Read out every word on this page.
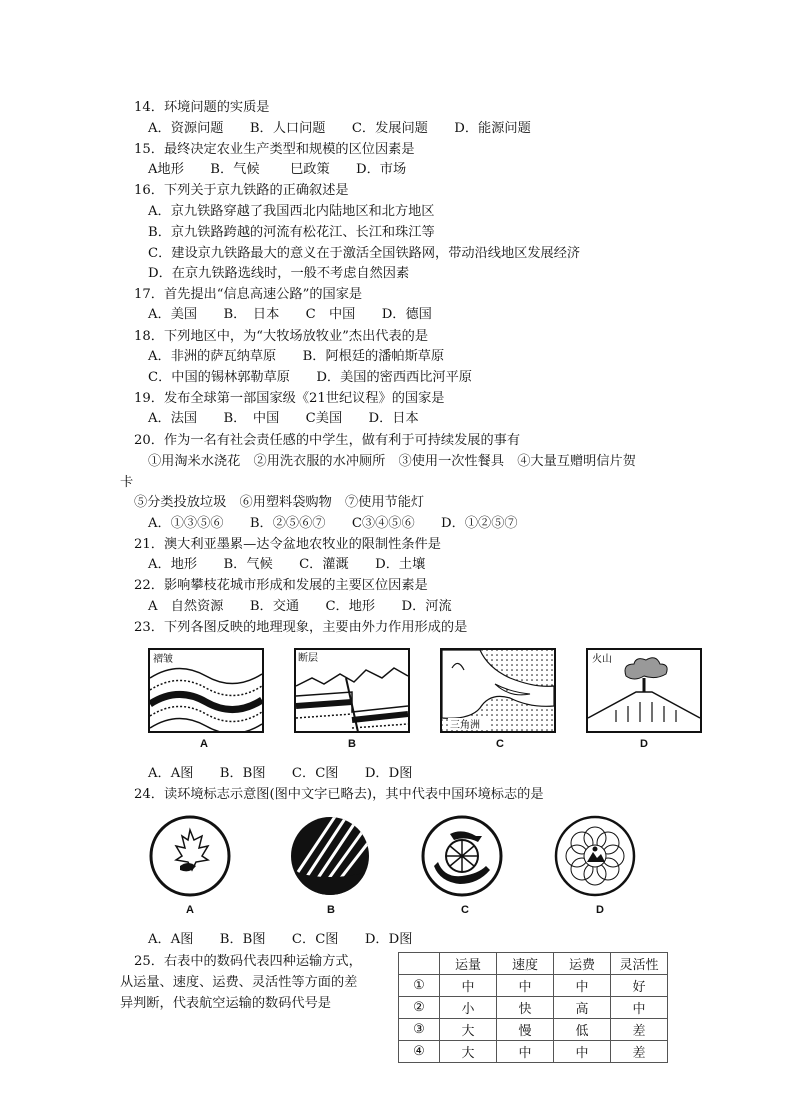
14．环境问题的实质是
A．资源问题　　B．人口问题　　C．发展问题　　D．能源问题
15．最终决定农业生产类型和规模的区位因素是
A地形　　B．气候　　 巳政策　　D．市场
16．下列关于京九铁路的正确叙述是
A．京九铁路穿越了我国西北内陆地区和北方地区
B．京九铁路跨越的河流有松花江、长江和珠江等
C．建设京九铁路最大的意义在于激活全国铁路网，带动沿线地区发展经济
D．在京九铁路选线时，一般不考虑自然因素
17．首先提出“信息高速公路”的国家是
A．美国　　B．　日本　　C　中国　　D．德国
18．下列地区中，为“大牧场放牧业”杰出代表的是
A．非洲的萨瓦纳草原　　B．阿根廷的潘帕斯草原
C．中国的锡林郭勒草原　　D．美国的密西西比河平原
19．发布全球第一部国家级《21世纪议程》的国家是
A．法国　　B．　中国　　C美国　　D．日本
20．作为一名有社会责任感的中学生，做有利于可持续发展的事有
①用淘米水浇花　②用洗衣服的水冲厕所　③使用一次性餐具　④大量互赠明信片贺
卡
⑤分类投放垃圾　⑥用塑料袋购物　⑦使用节能灯
A．①③⑤⑥　　B．②⑤⑥⑦　　C③④⑤⑥　　D．①②⑤⑦
21．澳大利亚墨累—达令盆地农牧业的限制性条件是
A．地形　　B．气候　　C．灌溉　　D．土壤
22．影响攀枝花城市形成和发展的主要区位因素是
A　自然资源　　B．交通　　C．地形　　D．河流
23．下列各图反映的地理现象，主要由外力作用形成的是
褶皱
A
断层
B
三角洲
C
火山
D
A．A图　　B．B图　　C．C图　　D．D图
24．读环境标志示意图(图中文字已略去)，其中代表中国环境标志的是
A	B	C	D
A．A图　　B．B图　　C．C图　　D．D图
25．右表中的数码代表四种运输方式，
从运量、速度、运费、灵活性等方面的差
异判断，代表航空运输的数码代号是
	运量	速度	运费	灵活性
①	中	中	中	好
②	小	快	高	中
③	大	慢	低	差
④	大	中	中	差
